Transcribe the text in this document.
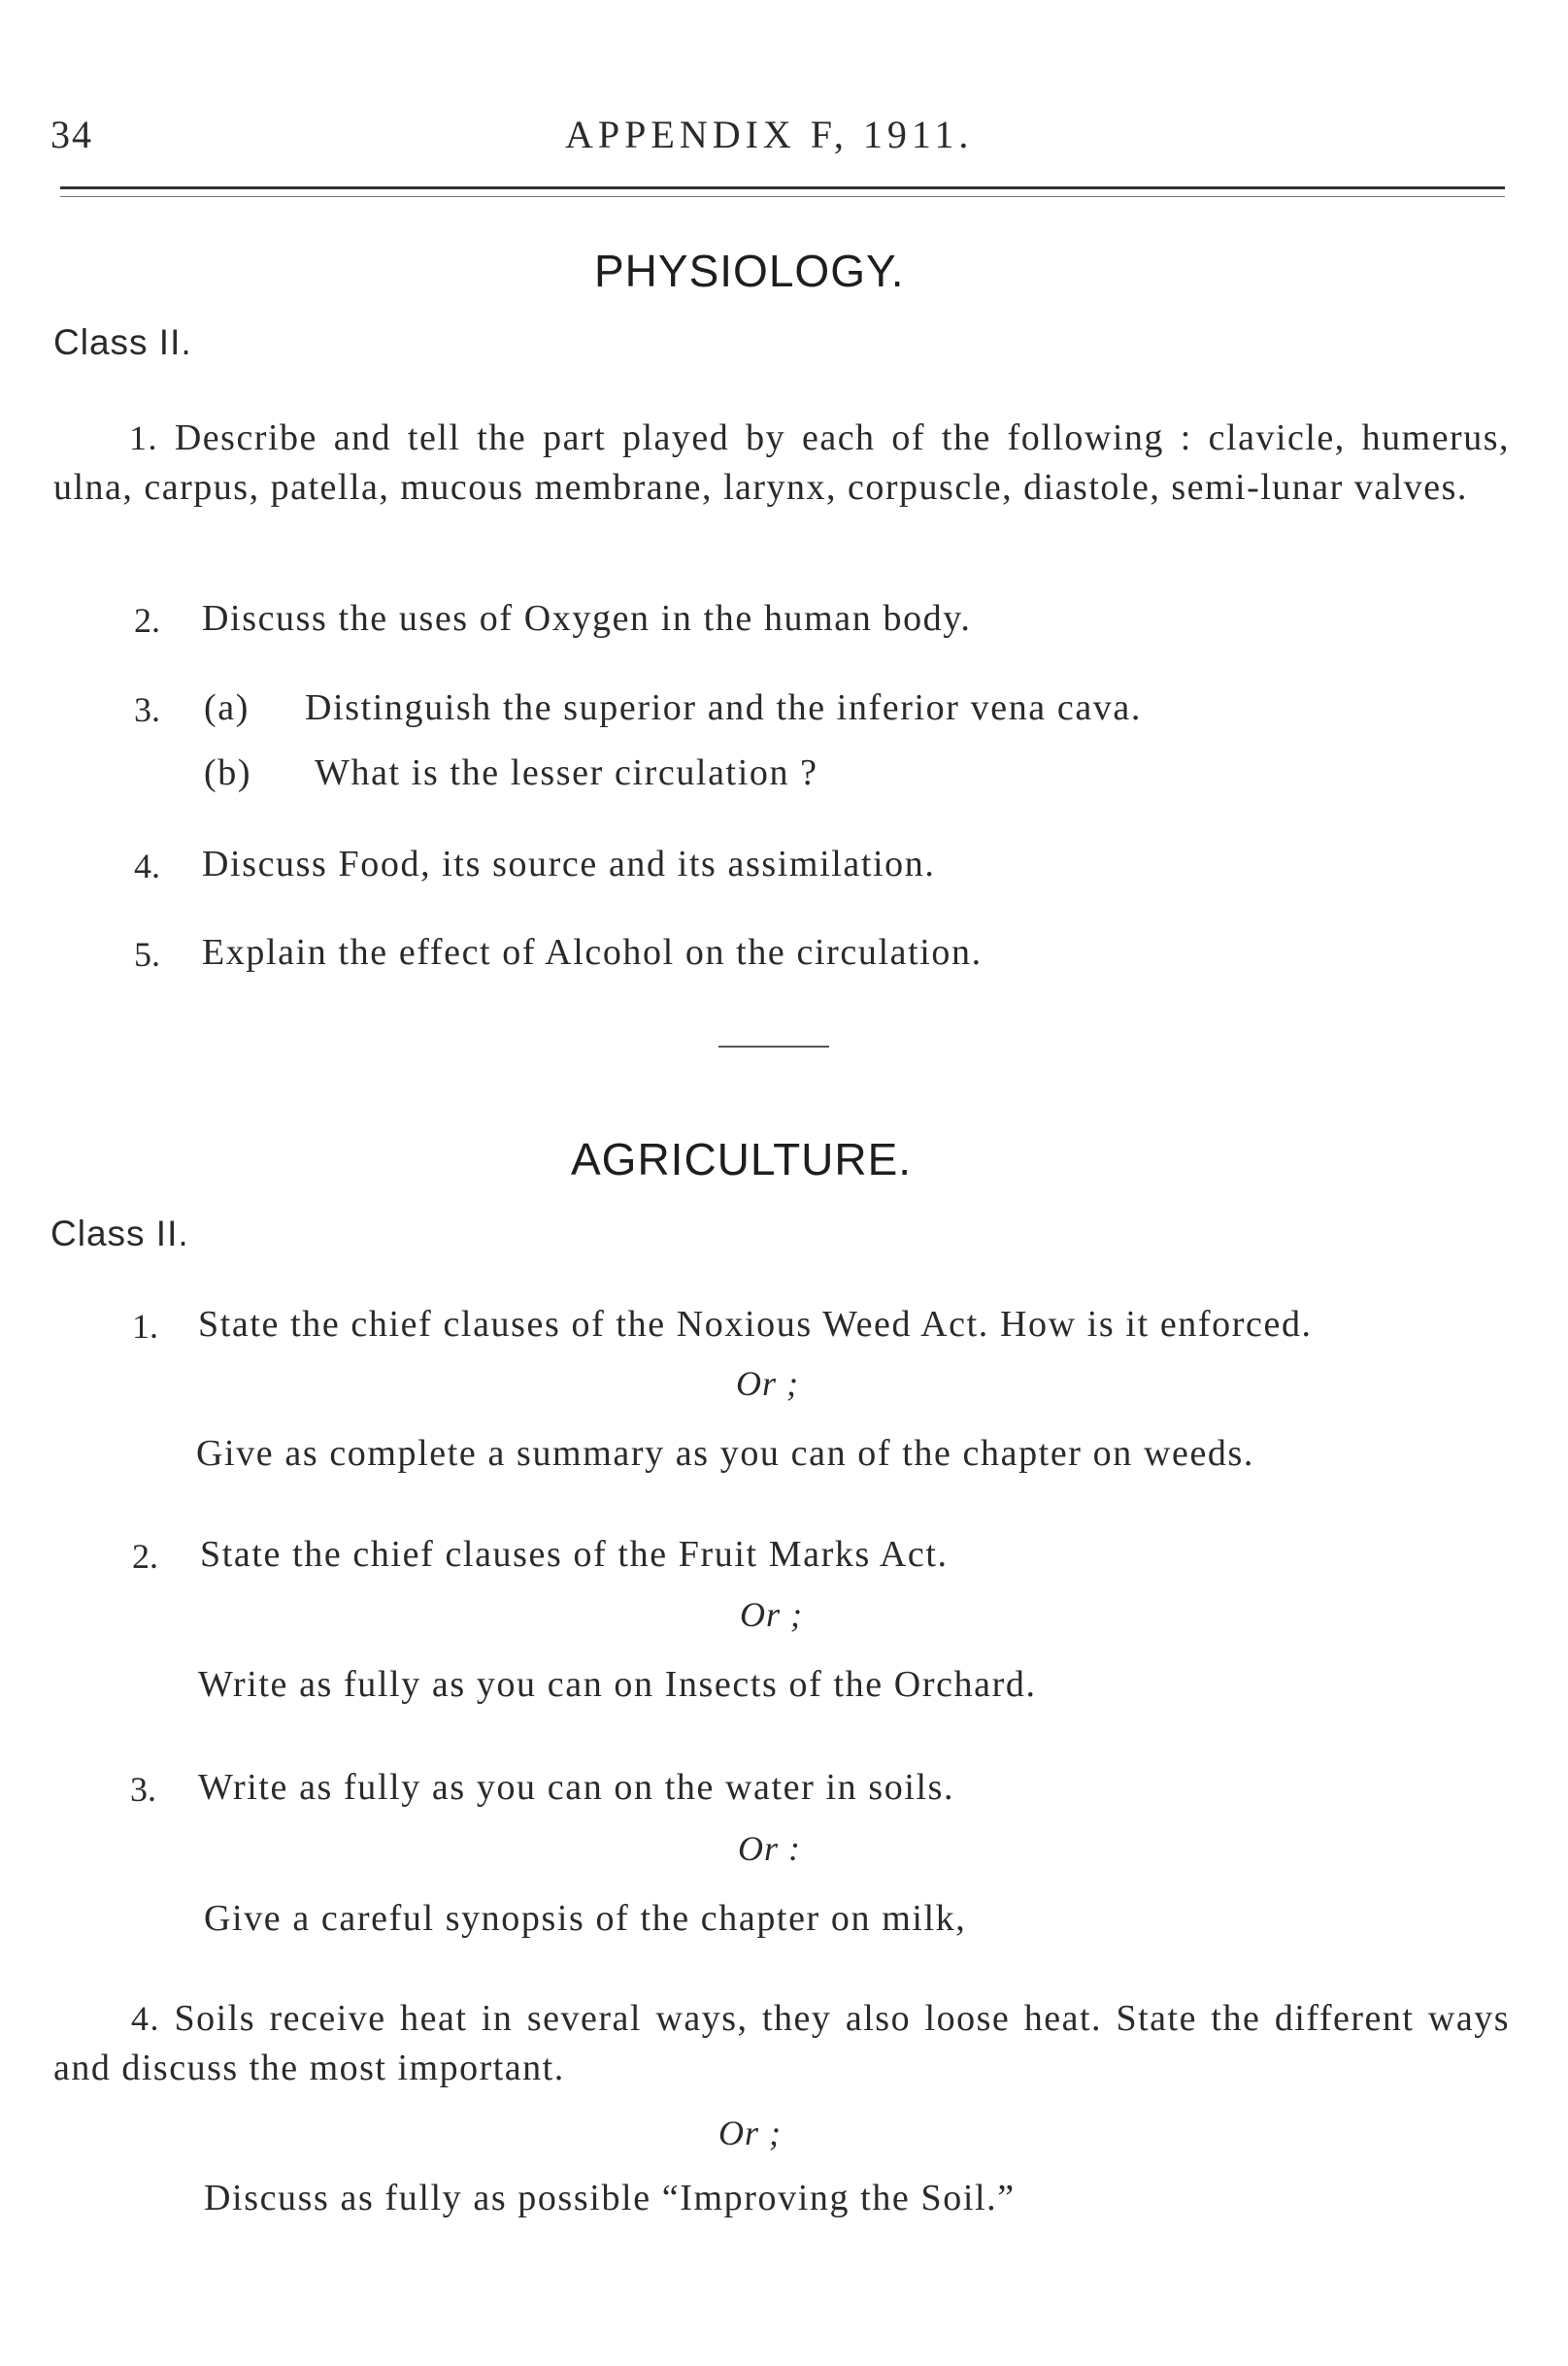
34	APPENDIX F, 1911.
PHYSIOLOGY.
Class II.
1. Describe and tell the part played by each of the following : clavicle, humerus, ulna, carpus, patella, mucous membrane, larynx, corpuscle, diastole, semi-lunar valves.
2. Discuss the uses of Oxygen in the human body.
3. (a) Distinguish the superior and the inferior vena cava.
(b) What is the lesser circulation ?
4. Discuss Food, its source and its assimilation.
5. Explain the effect of Alcohol on the circulation.
AGRICULTURE.
Class II.
1. State the chief clauses of the Noxious Weed Act. How is it enforced.
Or ;
Give as complete a summary as you can of the chapter on weeds.
2. State the chief clauses of the Fruit Marks Act.
Or ;
Write as fully as you can on Insects of the Orchard.
3. Write as fully as you can on the water in soils.
Or :
Give a careful synopsis of the chapter on milk,
4. Soils receive heat in several ways, they also loose heat. State the different ways and discuss the most important.
Or ;
Discuss as fully as possible “Improving the Soil.”
